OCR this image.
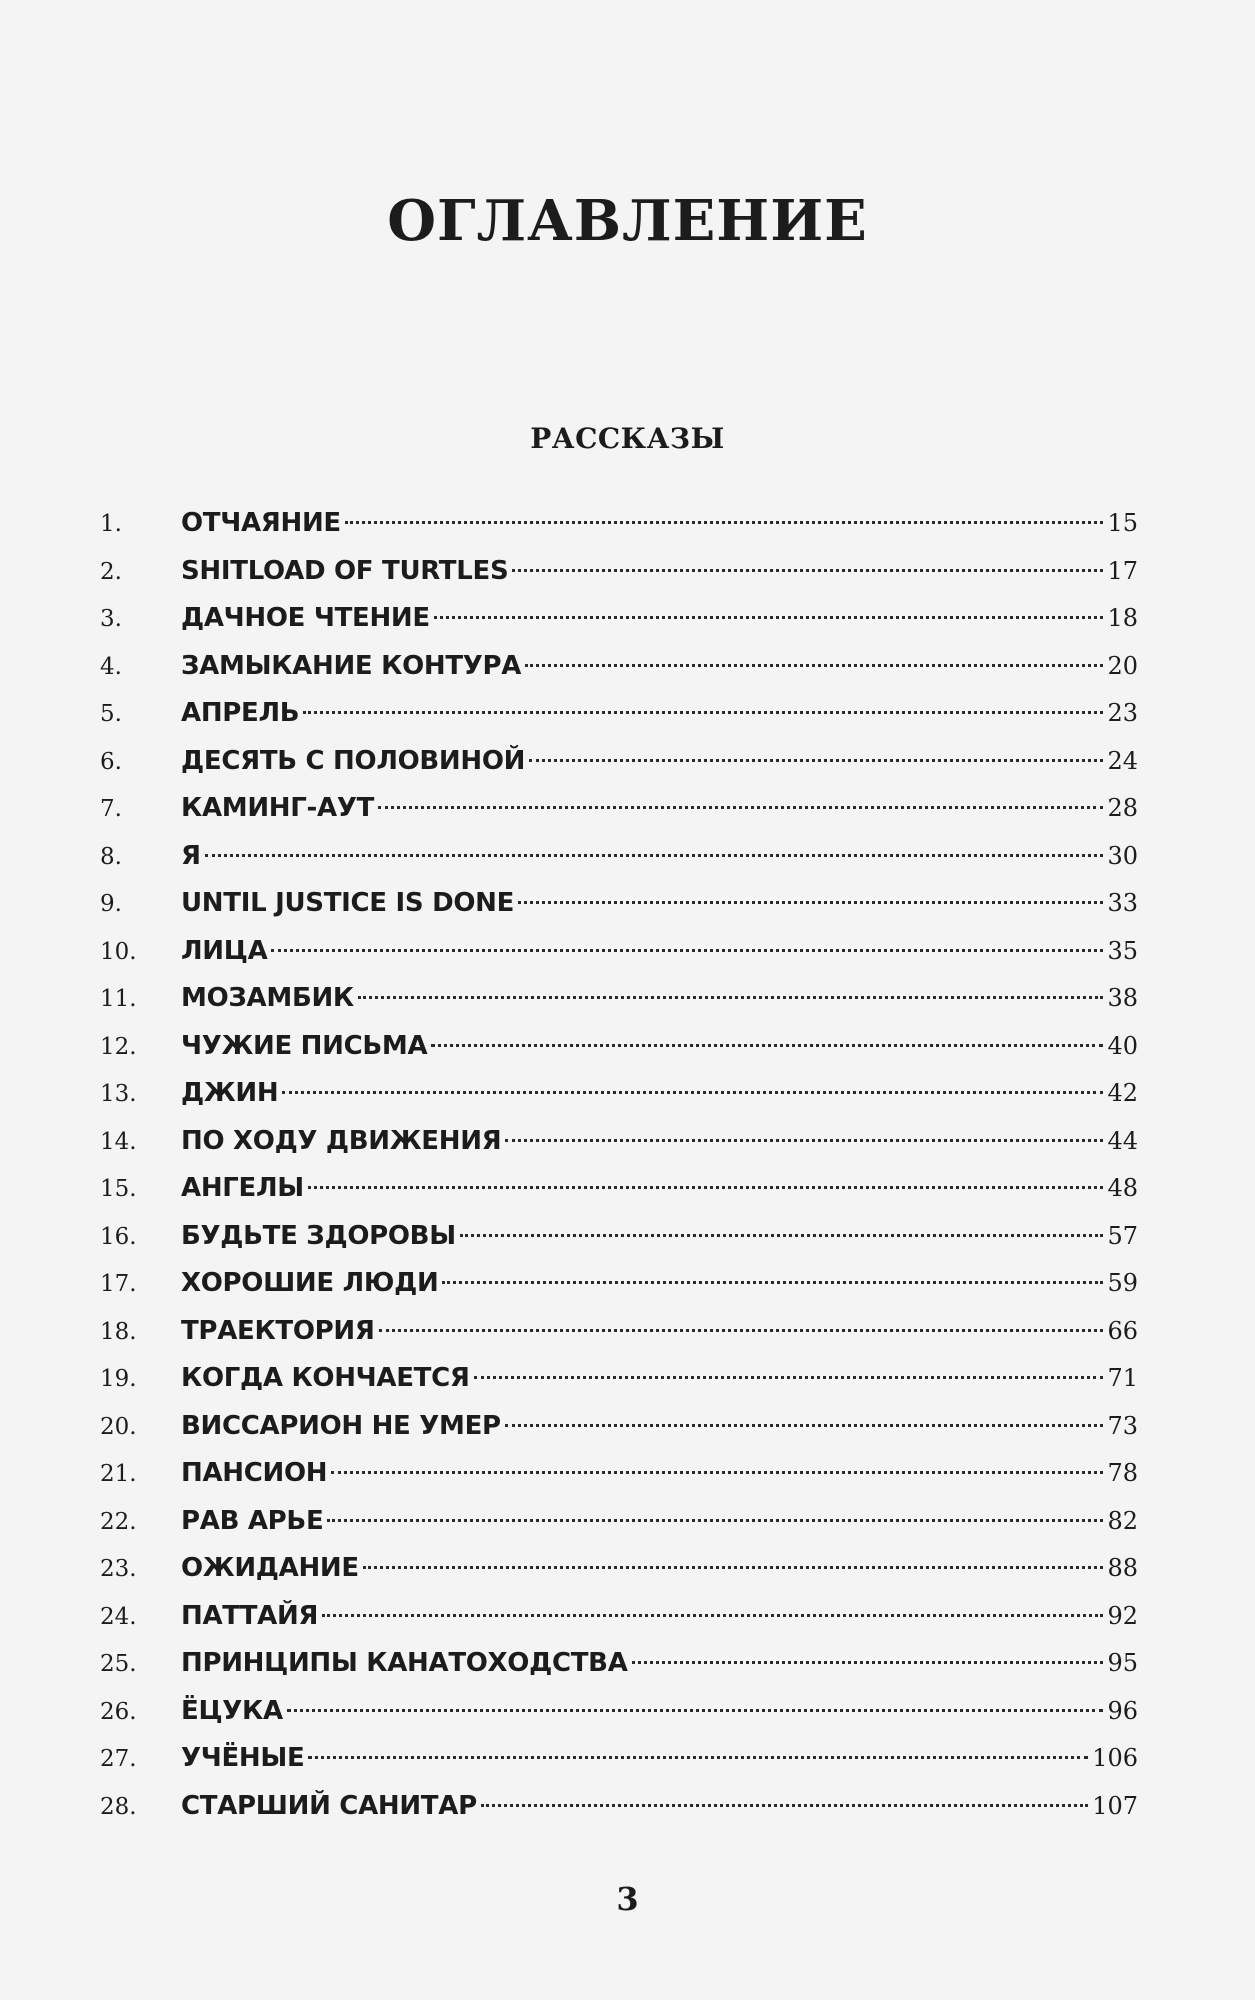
ОГЛАВЛЕНИЕ
РАССКАЗЫ
1.	ОТЧАЯНИЕ	15
2.	SHITLOAD OF TURTLES	17
3.	ДАЧНОЕ ЧТЕНИЕ	18
4.	ЗАМЫКАНИЕ КОНТУРА	20
5.	АПРЕЛЬ	23
6.	ДЕСЯТЬ С ПОЛОВИНОЙ	24
7.	КАМИНГ-АУТ	28
8.	Я	30
9.	UNTIL JUSTICE IS DONE	33
10.	ЛИЦА	35
11.	МОЗАМБИК	38
12.	ЧУЖИЕ ПИСЬМА	40
13.	ДЖИН	42
14.	ПО ХОДУ ДВИЖЕНИЯ	44
15.	АНГЕЛЫ	48
16.	БУДЬТЕ ЗДОРОВЫ	57
17.	ХОРОШИЕ ЛЮДИ	59
18.	ТРАЕКТОРИЯ	66
19.	КОГДА КОНЧАЕТСЯ	71
20.	ВИССАРИОН НЕ УМЕР	73
21.	ПАНСИОН	78
22.	РАВ АРЬЕ	82
23.	ОЖИДАНИЕ	88
24.	ПАТТАЙЯ	92
25.	ПРИНЦИПЫ КАНАТОХОДСТВА	95
26.	ЁЦУКА	96
27.	УЧЁНЫЕ	106
28.	СТАРШИЙ САНИТАР	107
3
